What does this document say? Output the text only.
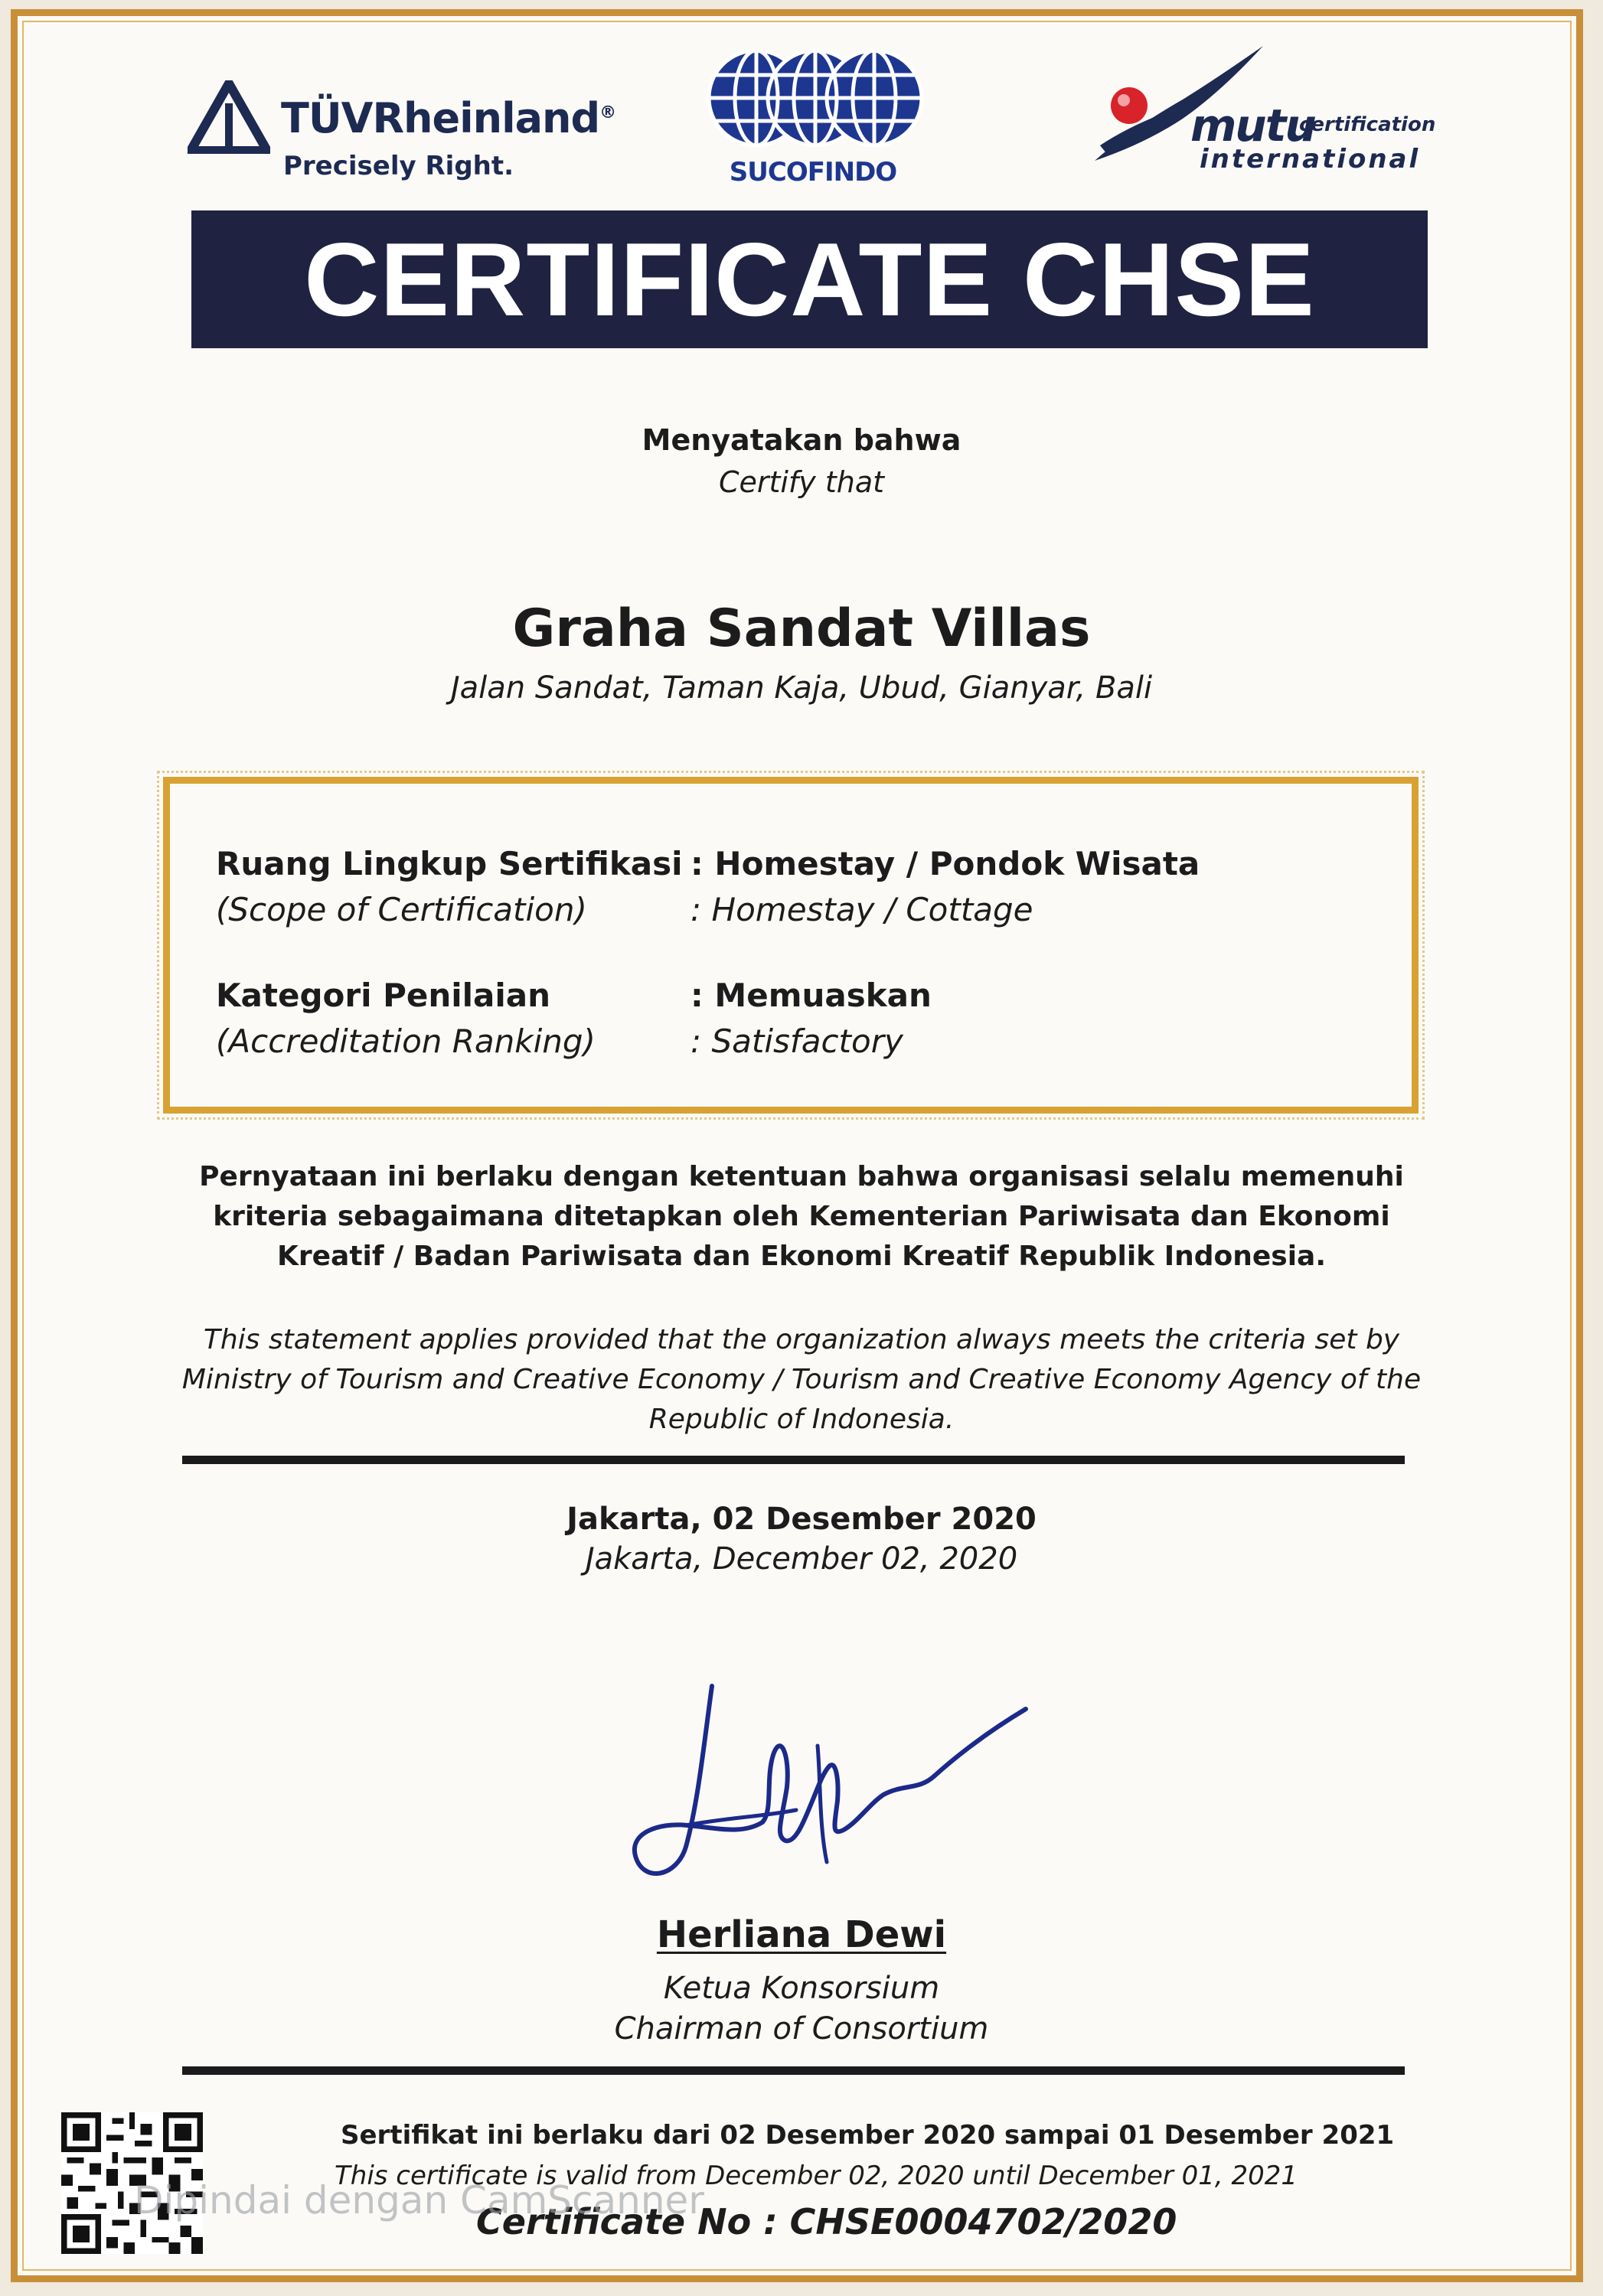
TÜVRheinland®
Precisely Right.	SUCOFINDO
mutu
certification
international
CERTIFICATE CHSE
Menyatakan bahwa
Certify that
Graha Sandat Villas
Jalan Sandat, Taman Kaja, Ubud, Gianyar, Bali
Ruang Lingkup Sertifikasi
(Scope of Certification)
: Homestay / Pondok Wisata
: Homestay / Cottage
Kategori Penilaian
(Accreditation Ranking)
: Memuaskan
: Satisfactory
Pernyataan ini berlaku dengan ketentuan bahwa organisasi selalu memenuhi kriteria sebagaimana ditetapkan oleh Kementerian Pariwisata dan Ekonomi Kreatif / Badan Pariwisata dan Ekonomi Kreatif Republik Indonesia.
This statement applies provided that the organization always meets the criteria set by Ministry of Tourism and Creative Economy / Tourism and Creative Economy Agency of the Republic of Indonesia.
Jakarta, 02 Desember 2020
Jakarta, December 02, 2020
Herliana Dewi
Ketua Konsorsium
Chairman of Consortium
Sertifikat ini berlaku dari 02 Desember 2020 sampai 01 Desember 2021
This certificate is valid from December 02, 2020 until December 01, 2021
Certificate No : CHSE0004702/2020
Dipindai dengan CamScanner
